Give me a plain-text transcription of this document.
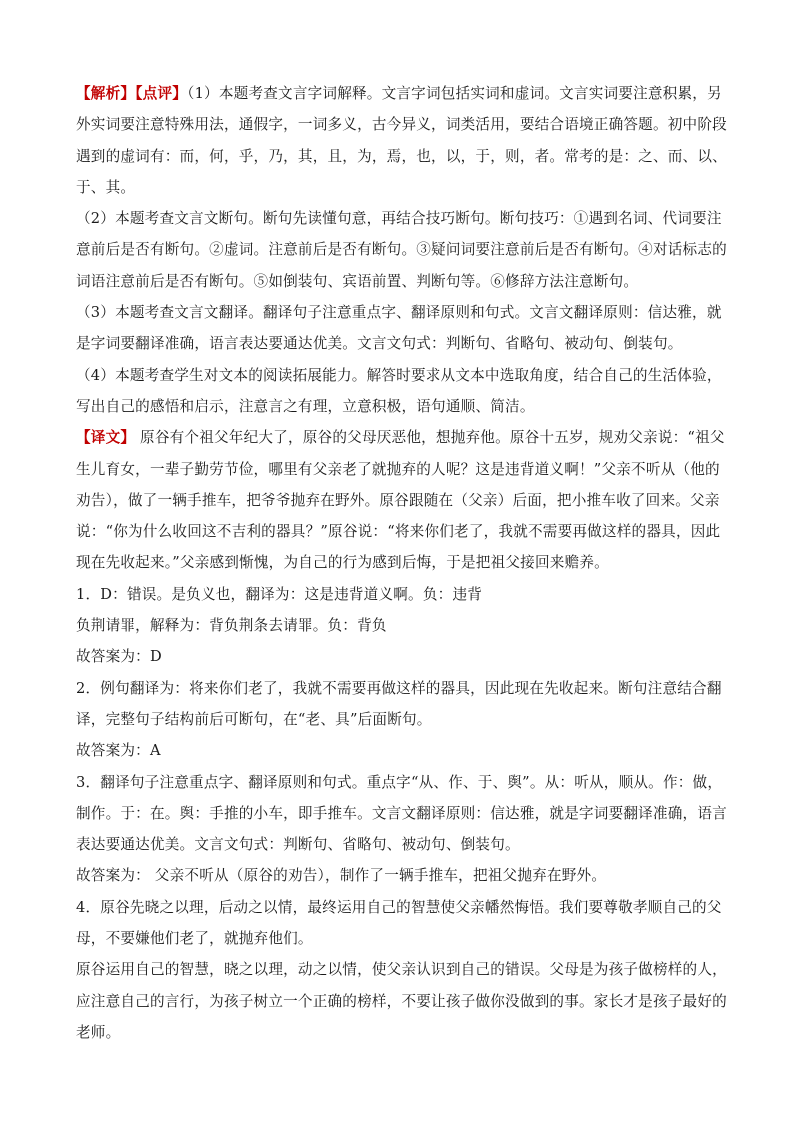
【解析】【点评】（1）本题考查文言字词解释。文言字词包括实词和虚词。文言实词要注意积累，另外实词要注意特殊用法，通假字，一词多义，古今异义，词类活用，要结合语境正确答题。初中阶段遇到的虚词有：而，何，乎，乃，其，且，为，焉，也，以，于，则，者。常考的是：之、而、以、于、其。

（2）本题考查文言文断句。断句先读懂句意，再结合技巧断句。断句技巧：①遇到名词、代词要注意前后是否有断句。②虚词。注意前后是否有断句。③疑问词要注意前后是否有断句。④对话标志的词语注意前后是否有断句。⑤如倒装句、宾语前置、判断句等。⑥修辞方法注意断句。

（3）本题考查文言文翻译。翻译句子注意重点字、翻译原则和句式。文言文翻译原则：信达雅，就是字词要翻译准确，语言表达要通达优美。文言文句式：判断句、省略句、被动句、倒装句。

（4）本题考查学生对文本的阅读拓展能力。解答时要求从文本中选取角度，结合自己的生活体验，写出自己的感悟和启示，注意言之有理，立意积极，语句通顺、简洁。

【译文】 原谷有个祖父年纪大了，原谷的父母厌恶他，想抛弃他。原谷十五岁，规劝父亲说：“祖父生儿育女，一辈子勤劳节俭，哪里有父亲老了就抛弃的人呢？这是违背道义啊！”父亲不听从（他的劝告），做了一辆手推车，把爷爷抛弃在野外。原谷跟随在（父亲）后面，把小推车收了回来。父亲说：“你为什么收回这不吉利的器具？”原谷说：“将来你们老了，我就不需要再做这样的器具，因此现在先收起来。”父亲感到惭愧，为自己的行为感到后悔，于是把祖父接回来赡养。

1．D：错误。是负义也，翻译为：这是违背道义啊。负：违背

负荆请罪，解释为：背负荆条去请罪。负：背负

故答案为：D

2．例句翻译为：将来你们老了，我就不需要再做这样的器具，因此现在先收起来。断句注意结合翻译，完整句子结构前后可断句，在“老、具”后面断句。

故答案为：A

3．翻译句子注意重点字、翻译原则和句式。重点字“从、作、于、舆”。从：听从，顺从。作：做，制作。于：在。舆：手推的小车，即手推车。文言文翻译原则：信达雅，就是字词要翻译准确，语言表达要通达优美。文言文句式：判断句、省略句、被动句、倒装句。

故答案为： 父亲不听从（原谷的劝告），制作了一辆手推车，把祖父抛弃在野外。

4．原谷先晓之以理，后动之以情，最终运用自己的智慧使父亲幡然悔悟。我们要尊敬孝顺自己的父母，不要嫌他们老了，就抛弃他们。

原谷运用自己的智慧，晓之以理，动之以情，使父亲认识到自己的错误。父母是为孩子做榜样的人，应注意自己的言行，为孩子树立一个正确的榜样，不要让孩子做你没做到的事。家长才是孩子最好的老师。
